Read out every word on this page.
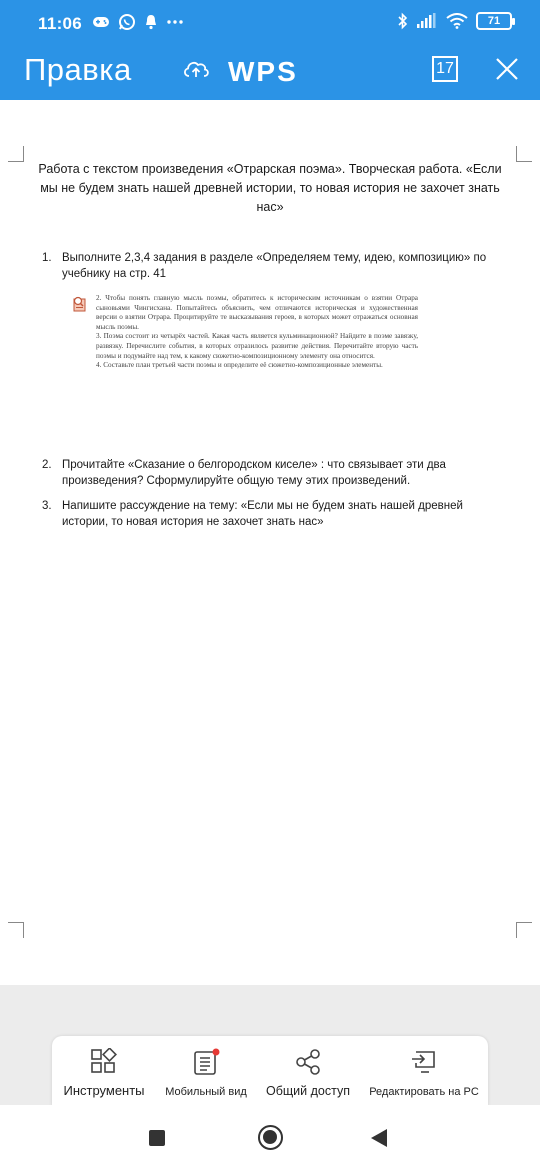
11:06	71
Правка	WPS	17
Работа с текстом произведения «Отрарская поэма». Творческая работа. «Если мы не будем знать нашей древней истории, то новая история не захочет знать нас»
1. Выполните 2,3,4 задания в разделе «Определяем тему, идею, композицию» по учебнику на стр. 41
2. Чтобы понять главную мысль поэмы, обратитесь к историческим источникам о взятии Отрара сыновьями Чингисхана. Попытайтесь объяснить, чем отличаются историческая и художественная версии о взятии Отрара. Процитируйте те высказывания героев, в которых может отражаться основная мысль поэмы.
3. Поэма состоит из четырёх частей. Какая часть является кульминационной? Найдите в поэме завязку, развязку. Перечислите события, в которых отразилось развитие действия. Перечитайте вторую часть поэмы и подумайте над тем, к какому сюжетно-композиционному элементу она относится.
4. Составьте план третьей части поэмы и определите её сюжетно-композиционные элементы.
2. Прочитайте «Сказание о белгородском киселе» : что связывает эти два произведения? Сформулируйте общую тему этих произведений.
3. Напишите рассуждение на тему: «Если мы не будем знать нашей древней истории, то новая история не захочет знать нас»
Инструменты	Мобильный вид	Общий доступ	Редактировать на PC
